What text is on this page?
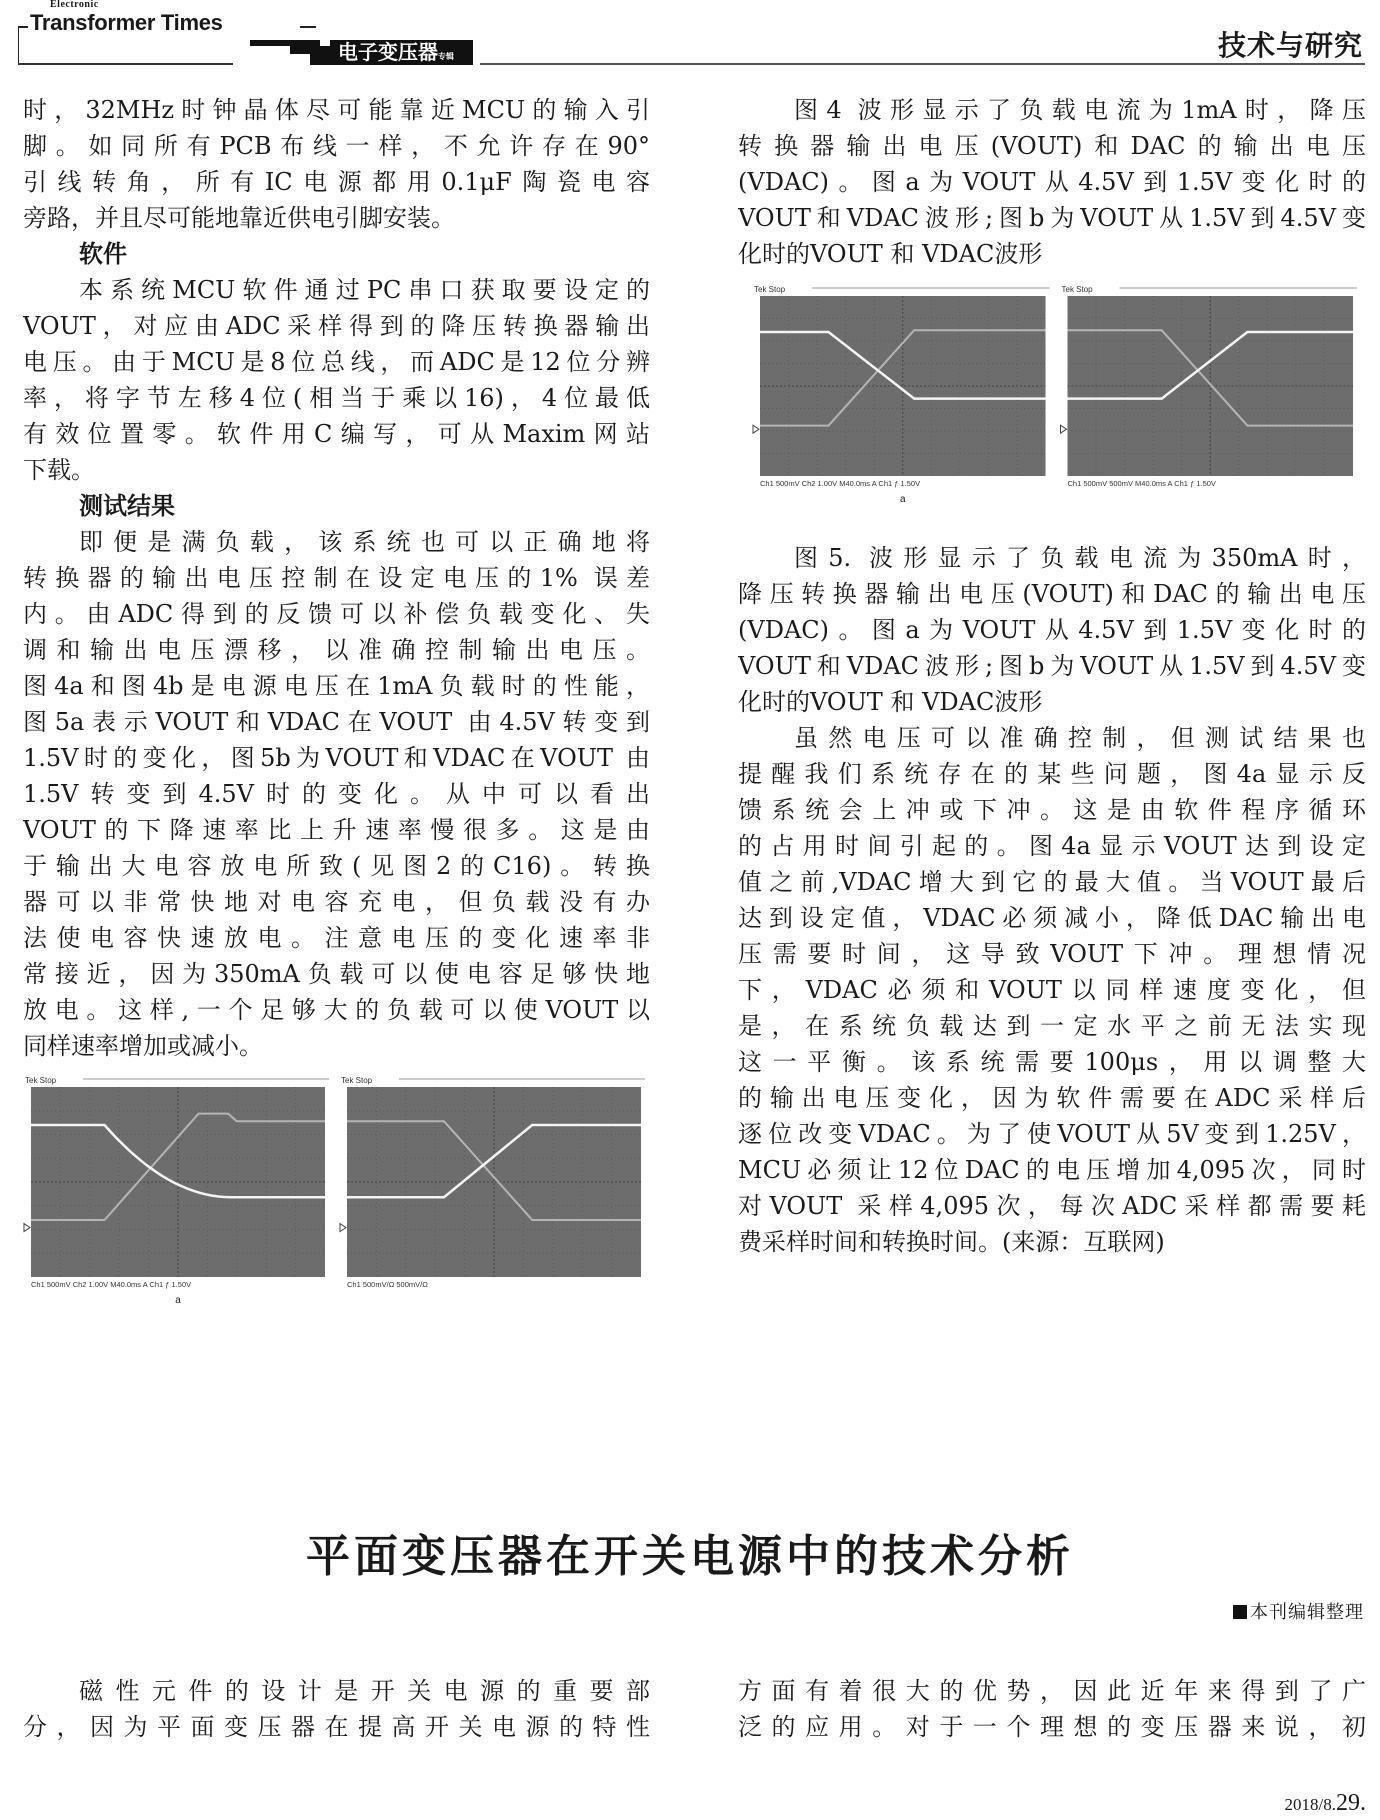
Electronic
Transformer Times
电子变压器专辑	技术与研究
时，32MHz时钟晶体尽可能靠近MCU的输入引
脚。如同所有PCB布线一样，不允许存在90°
引线转角，所有IC电源都用0.1μF陶瓷电容
旁路，并且尽可能地靠近供电引脚安装。
软件
本系统MCU软件通过PC串口获取要设定的
VOUT，对应由ADC采样得到的降压转换器输出
电压。由于MCU是8位总线，而ADC是12位分辨
率，将字节左移4位(相当于乘以16)，4位最低
有效位置零。软件用C编写，可从Maxim网站
下载。
测试结果
即便是满负载，该系统也可以正确地将
转换器的输出电压控制在设定电压的1% 误差
内。由ADC得到的反馈可以补偿负载变化、失
调和输出电压漂移，以准确控制输出电压。
图4a和图4b是电源电压在1mA负载时的性能，
图5a表示VOUT和VDAC在VOUT 由4.5V转变到
1.5V时的变化，图5b为VOUT和VDAC在VOUT 由
1.5V转变到4.5V时的变化。从中可以看出
VOUT的下降速率比上升速率慢很多。这是由
于输出大电容放电所致(见图2的C16)。转换
器可以非常快地对电容充电，但负载没有办
法使电容快速放电。注意电压的变化速率非
常接近，因为350mA负载可以使电容足够快地
放电。这样,一个足够大的负载可以使VOUT以
同样速率增加或减小。
图4 波形显示了负载电流为1mA时，降压
转换器输出电压(VOUT)和DAC的输出电压
(VDAC)。图a为VOUT从4.5V到1.5V变化时的
VOUT和VDAC波形;图b为VOUT从1.5V到4.5V变
化时的VOUT 和 VDAC波形
Tek Stop
Ch1 500mV Ch2 1.00V M40.0ms A Ch1 ƒ 1.50V
a
Tek Stop
Ch1 500mV 500mV M40.0ms A Ch1 ƒ 1.50V
图5. 波形显示了负载电流为350mA时，
降压转换器输出电压(VOUT)和DAC的输出电压
(VDAC)。图a为VOUT从4.5V到1.5V变化时的
VOUT和VDAC波形;图b为VOUT从1.5V到4.5V变
化时的VOUT 和 VDAC波形
虽然电压可以准确控制，但测试结果也
提醒我们系统存在的某些问题，图4a显示反
馈系统会上冲或下冲。这是由软件程序循环
的占用时间引起的。图4a显示VOUT达到设定
值之前,VDAC增大到它的最大值。当VOUT最后
达到设定值，VDAC必须减小，降低DAC输出电
压需要时间，这导致VOUT下冲。理想情况
下，VDAC必须和VOUT以同样速度变化，但
是，在系统负载达到一定水平之前无法实现
这一平衡。该系统需要100μs，用以调整大
的输出电压变化，因为软件需要在ADC采样后
逐位改变VDAC。为了使VOUT从5V变到1.25V，
MCU必须让12位DAC的电压增加4,095次，同时
对VOUT 采样4,095次，每次ADC采样都需要耗
费采样时间和转换时间。(来源：互联网)
Tek Stop
Ch1 500mV Ch2 1.00V M40.0ms A Ch1 ƒ 1.50V
a
Tek Stop
Ch1 500mV/Ω 500mV/Ω
平面变压器在开关电源中的技术分析
本刊编辑整理
磁性元件的设计是开关电源的重要部
分，因为平面变压器在提高开关电源的特性
方面有着很大的优势，因此近年来得到了广
泛的应用。对于一个理想的变压器来说，初
2018/8.29.
